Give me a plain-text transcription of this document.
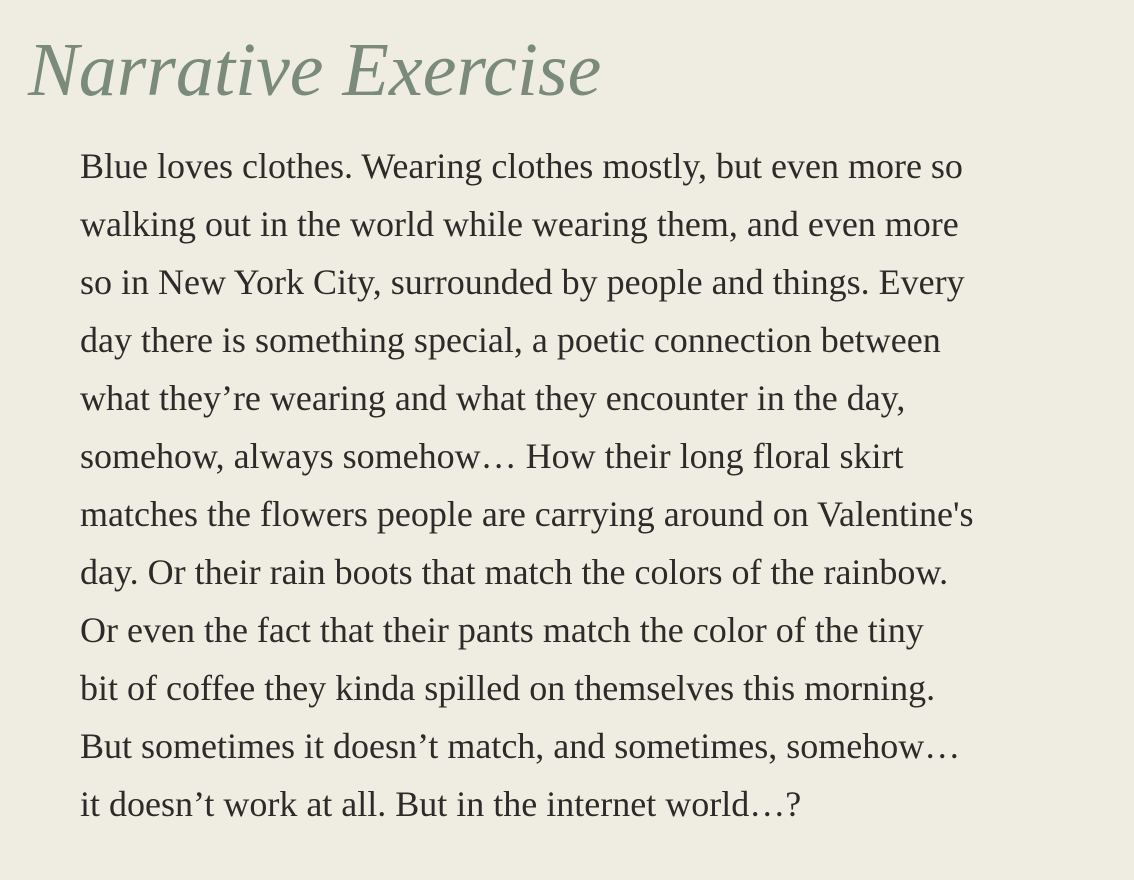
Narrative Exercise

Blue loves clothes. Wearing clothes mostly, but even more so
walking out in the world while wearing them, and even more
so in New York City, surrounded by people and things. Every
day there is something special, a poetic connection between
what they’re wearing and what they encounter in the day,
somehow, always somehow… How their long floral skirt
matches the flowers people are carrying around on Valentine's
day. Or their rain boots that match the colors of the rainbow.
Or even the fact that their pants match the color of the tiny
bit of coffee they kinda spilled on themselves this morning.
But sometimes it doesn’t match, and sometimes, somehow…
it doesn’t work at all. But in the internet world…?
